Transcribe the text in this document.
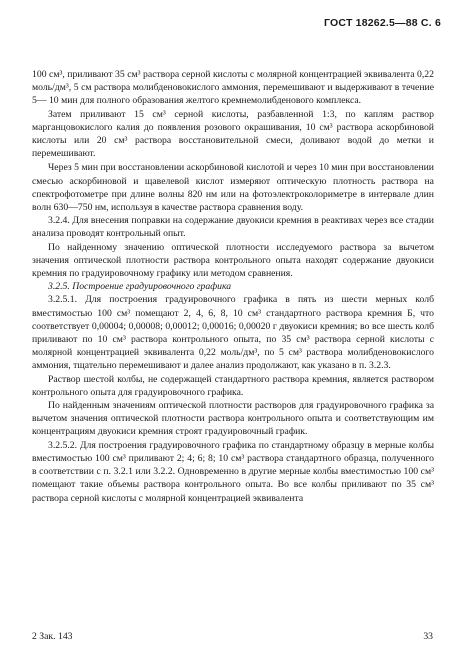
ГОСТ 18262.5—88 С. 6

100 см³, приливают 35 см³ раствора серной кислоты с молярной концентрацией эквивалента 0,22 моль/дм³, 5 см раствора молибденовокислого аммония, перемешивают и выдерживают в течение 5— 10 мин для полного образования желтого кремнемолибденового комплекса.

Затем приливают 15 см³ серной кислоты, разбавленной 1:3, по каплям раствор марганцовокислого калия до появления розового окрашивания, 10 см³ раствора аскорбиновой кислоты или 20 см³ раствора восстановительной смеси, доливают водой до метки и перемешивают.

Через 5 мин при восстановлении аскорбиновой кислотой и через 10 мин при восстановлении смесью аскорбиновой и щавелевой кислот измеряют оптическую плотность раствора на спектрофотометре при длине волны 820 нм или на фотоэлектроколориметре в интервале длин волн 630—750 нм, используя в качестве раствора сравнения воду.

3.2.4. Для внесения поправки на содержание двуокиси кремния в реактивах через все стадии анализа проводят контрольный опыт.

По найденному значению оптической плотности исследуемого раствора за вычетом значения оптической плотности раствора контрольного опыта находят содержание двуокиси кремния по градуировочному графику или методом сравнения.

3.2.5. Построение градуировочного графика

3.2.5.1. Для построения градуировочного графика в пять из шести мерных колб вместимостью 100 см³ помещают 2, 4, 6, 8, 10 см³ стандартного раствора кремния Б, что соответствует 0,00004; 0,00008; 0,00012; 0,00016; 0,00020 г двуокиси кремния; во все шесть колб приливают по 10 см³ раствора контрольного опыта, по 35 см³ раствора серной кислоты с молярной концентрацией эквивалента 0,22 моль/дм³, по 5 см³ раствора молибденовокислого аммония, тщательно перемешивают и далее анализ продолжают, как указано в п. 3.2.3.

Раствор шестой колбы, не содержащей стандартного раствора кремния, является раствором контрольного опыта для градуировочного графика.

По найденным значениям оптической плотности растворов для градуировочного графика за вычетом значения оптической плотности раствора контрольного опыта и соответствующим им концентрациям двуокиси кремния строят градуировочный график.

3.2.5.2. Для построения градуировочного графика по стандартному образцу в мерные колбы вместимостью 100 см³ приливают 2; 4; 6; 8; 10 см³ раствора стандартного образца, полученного в соответствии с п. 3.2.1 или 3.2.2. Одновременно в другие мерные колбы вместимостью 100 см³ помещают такие объемы раствора контрольного опыта. Во все колбы приливают по 35 см³ раствора серной кислоты с молярной концентрацией эквивалента

2 Зак. 143	33
